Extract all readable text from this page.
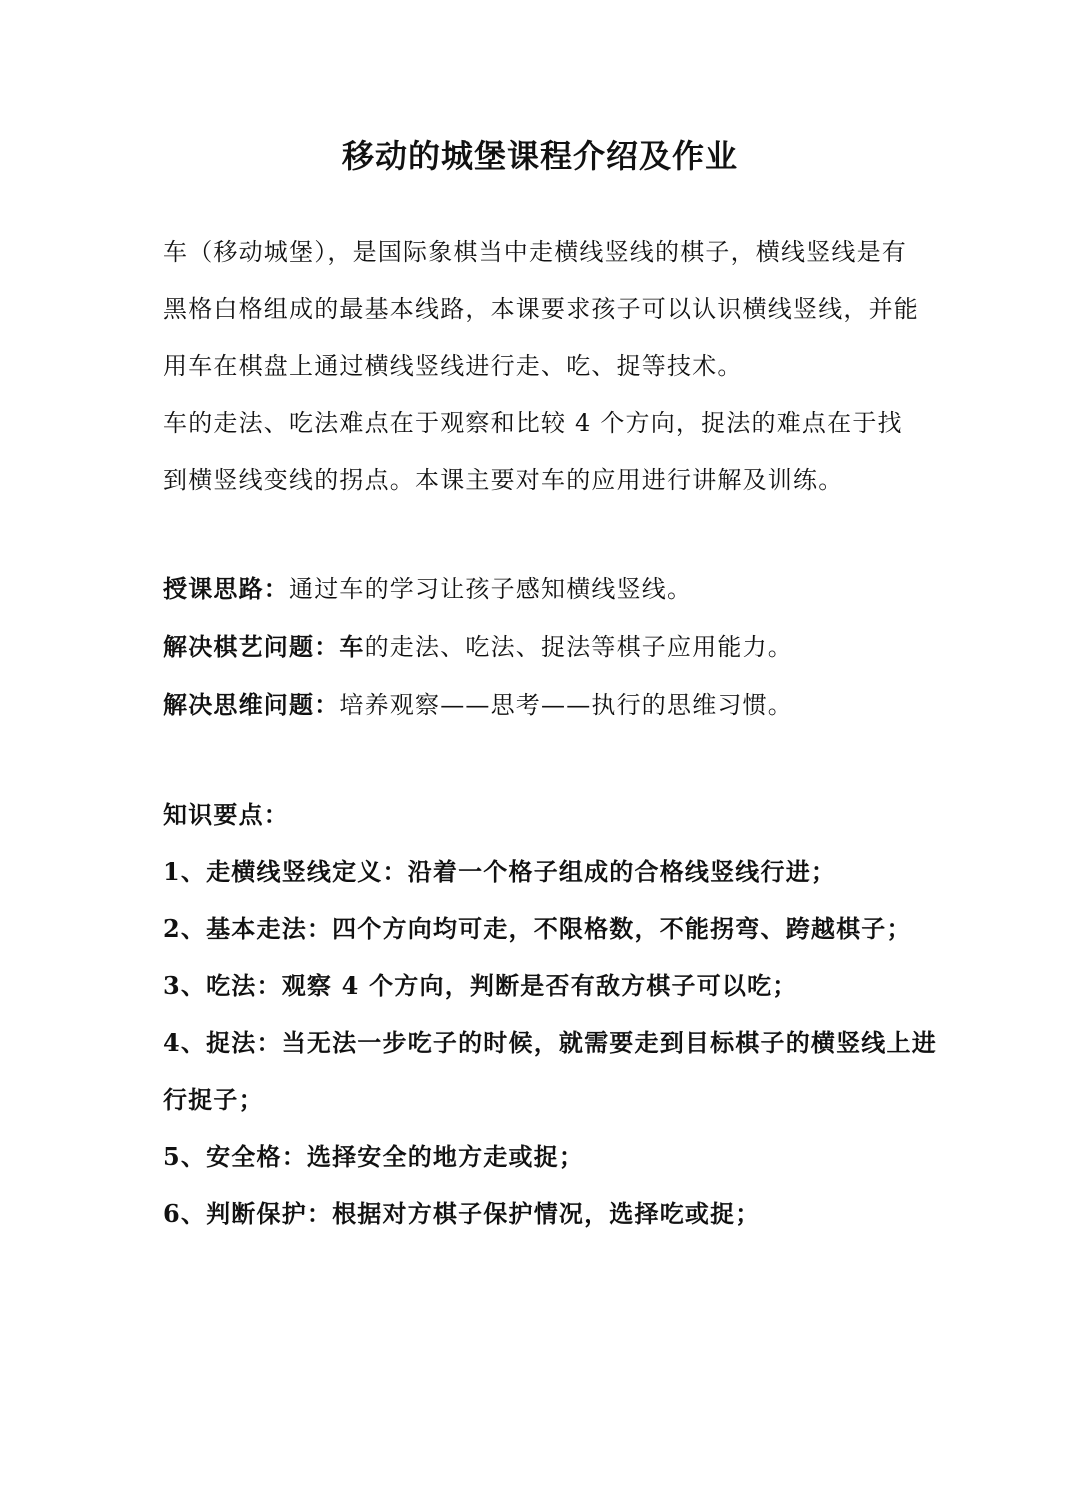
移动的城堡课程介绍及作业

车（移动城堡），是国际象棋当中走横线竖线的棋子，横线竖线是有黑格白格组成的最基本线路，本课要求孩子可以认识横线竖线，并能用车在棋盘上通过横线竖线进行走、吃、捉等技术。

车的走法、吃法难点在于观察和比较 4 个方向，捉法的难点在于找到横竖线变线的拐点。本课主要对车的应用进行讲解及训练。

授课思路：通过车的学习让孩子感知横线竖线。

解决棋艺问题：车的走法、吃法、捉法等棋子应用能力。

解决思维问题：培养观察——思考——执行的思维习惯。

知识要点：

1、走横线竖线定义：沿着一个格子组成的合格线竖线行进；
2、基本走法：四个方向均可走，不限格数，不能拐弯、跨越棋子；
3、吃法：观察 4 个方向，判断是否有敌方棋子可以吃；
4、捉法：当无法一步吃子的时候，就需要走到目标棋子的横竖线上进行捉子；
5、安全格：选择安全的地方走或捉；
6、判断保护：根据对方棋子保护情况，选择吃或捉；
